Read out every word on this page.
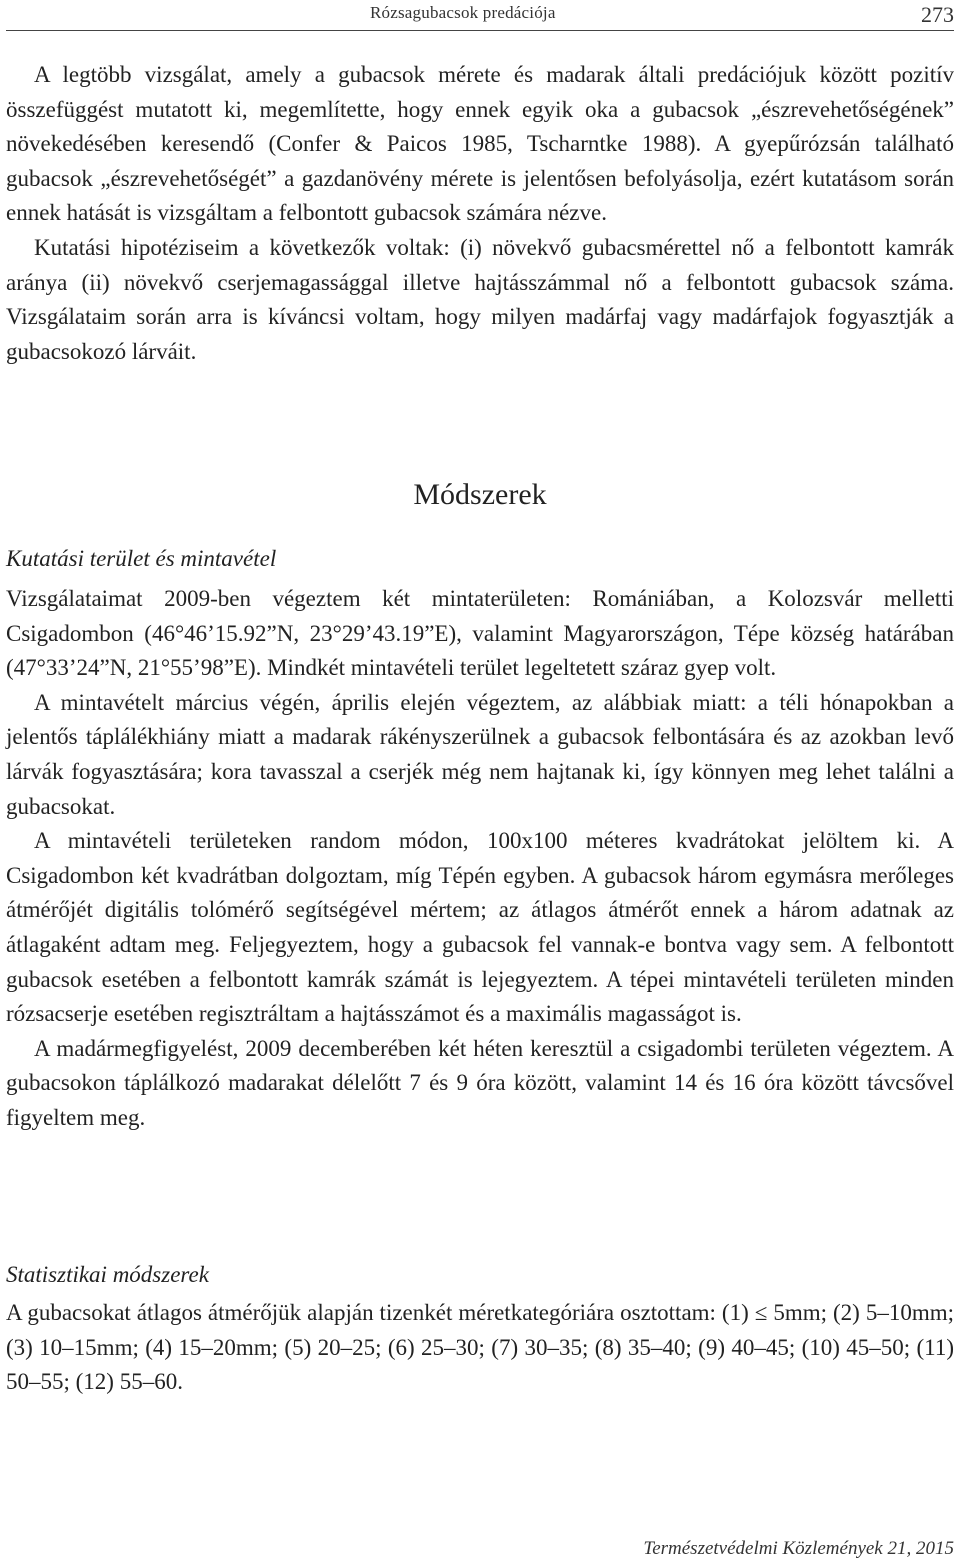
Rózsagubacsok predációja	273

A legtöbb vizsgálat, amely a gubacsok mérete és madarak általi predációjuk között pozitív összefüggést mutatott ki, megemlítette, hogy ennek egyik oka a gubacsok „észrevehetőségének” növekedésében keresendő (Confer & Paicos 1985, Tscharntke 1988). A gyepűrózsán található gubacsok „észrevehetőségét” a gazdanövény mérete is jelentősen befolyásolja, ezért kutatásom során ennek hatását is vizsgáltam a felbontott gubacsok számára nézve.

Kutatási hipotéziseim a következők voltak: (i) növekvő gubacsmérettel nő a felbontott kamrák aránya (ii) növekvő cserjemagassággal illetve hajtásszámmal nő a felbontott gubacsok száma. Vizsgálataim során arra is kíváncsi voltam, hogy milyen madárfaj vagy madárfajok fogyasztják a gubacsokozó lárváit.

Módszerek
Kutatási terület és mintavétel

Vizsgálataimat 2009-ben végeztem két mintaterületen: Romániában, a Kolozsvár melletti Csigadombon (46°46’15.92”N, 23°29’43.19”E), valamint Magyarországon, Tépe község határában (47°33’24”N, 21°55’98”E). Mindkét mintavételi terület legeltetett száraz gyep volt.

A mintavételt március végén, április elején végeztem, az alábbiak miatt: a téli hónapokban a jelentős táplálékhiány miatt a madarak rákényszerülnek a gubacsok felbontására és az azokban levő lárvák fogyasztására; kora tavasszal a cserjék még nem hajtanak ki, így könnyen meg lehet találni a gubacsokat.

A mintavételi területeken random módon, 100x100 méteres kvadrátokat jelöltem ki. A Csigadombon két kvadrátban dolgoztam, míg Tépén egyben. A gubacsok három egymásra merőleges átmérőjét digitális tolómérő segítségével mértem; az átlagos átmérőt ennek a három adatnak az átlagaként adtam meg. Feljegyeztem, hogy a gubacsok fel vannak-e bontva vagy sem. A felbontott gubacsok esetében a felbontott kamrák számát is lejegyeztem. A tépei mintavételi területen minden rózsacserje esetében regisztráltam a hajtásszámot és a maximális magasságot is.

A madármegfigyelést, 2009 decemberében két héten keresztül a csigadombi területen végeztem. A gubacsokon táplálkozó madarakat délelőtt 7 és 9 óra között, valamint 14 és 16 óra között távcsővel figyeltem meg.

Statisztikai módszerek

A gubacsokat átlagos átmérőjük alapján tizenkét méretkategóriára osztottam: (1) ≤ 5mm; (2) 5–10mm; (3) 10–15mm; (4) 15–20mm; (5) 20–25; (6) 25–30; (7) 30–35; (8) 35–40; (9) 40–45; (10) 45–50; (11) 50–55; (12) 55–60.

Természetvédelmi Közlemények 21, 2015
